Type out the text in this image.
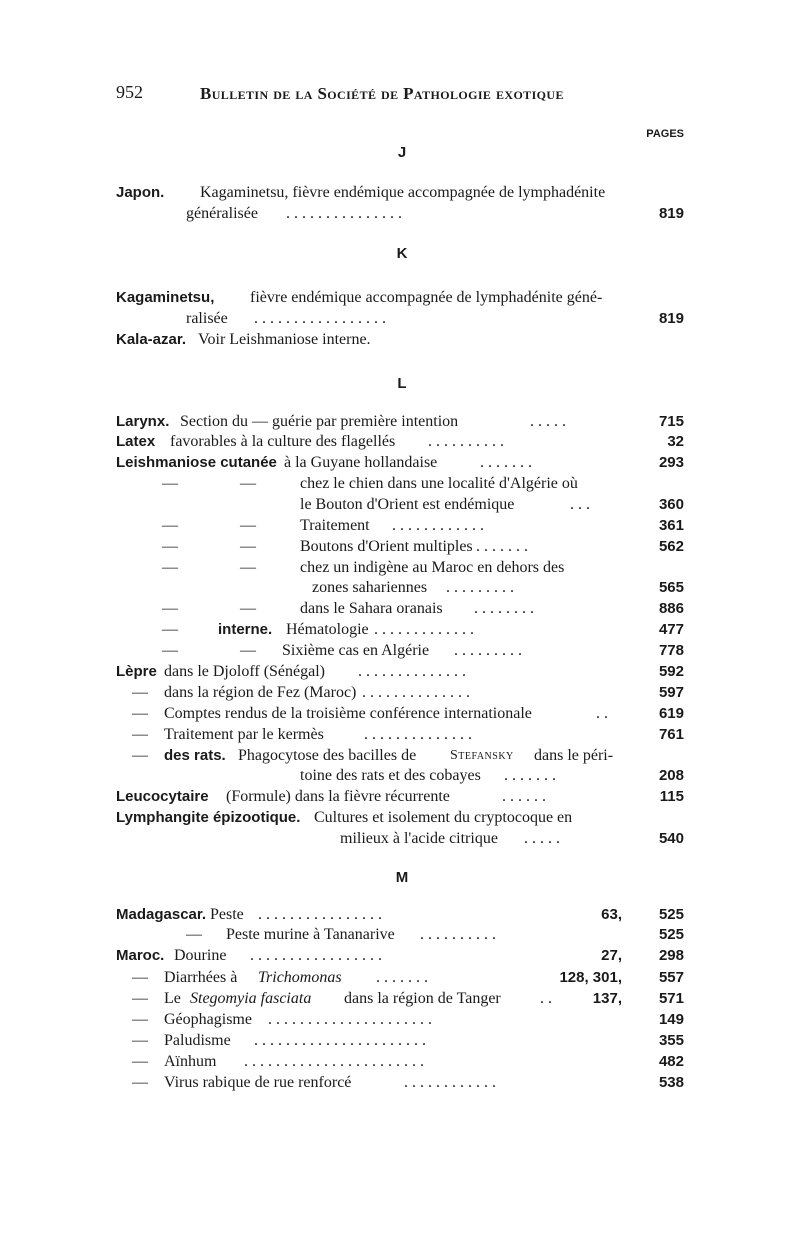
952	Bulletin de la Société de Pathologie exotique
PAGES
J
Japon. Kagaminetsu, fièvre endémique accompagnée de lymphadénite
généralisée . . . . . . . . . . . . . . .	819
K
Kagaminetsu, fièvre endémique accompagnée de lymphadénite géné-
ralisée . . . . . . . . . . . . . . . . .	819
Kala-azar. Voir Leishmaniose interne.
L
Larynx. Section du — guérie par première intention	. . . . .	715
Latex favorables à la culture des flagellés . . . . . . . . . .	32
Leishmaniose cutanée à la Guyane hollandaise	. . . . . . .	293
—	—	chez le chien dans une localité d'Algérie où
le Bouton d'Orient est endémique	. . .	360
—	—	Traitement . . . . . . . . . . . .	361
—	—	Boutons d'Orient multiples . . . . . . .	562
—	—	chez un indigène au Maroc en dehors des
zones sahariennes . . . . . . . . .	565
—	—	dans le Sahara oranais . . . . . . . .	886
—	interne. Hématologie . . . . . . . . . . . . .	477
—	— Sixième cas en Algérie . . . . . . . . .	778
Lèpre dans le Djoloff (Sénégal) . . . . . . . . . . . . . .	592
— dans la région de Fez (Maroc) . . . . . . . . . . . . . .	597
— Comptes rendus de la troisième conférence internationale	. .	619
— Traitement par le kermès	. . . . . . . . . . . . . .	761
— des rats. Phagocytose des bacilles de Stefansky dans le péri-
toine des rats et des cobayes . . . . . . .	208
Leucocytaire (Formule) dans la fièvre récurrente	. . . . . .	115
Lymphangite épizootique. Cultures et isolement du cryptocoque en
milieux à l'acide citrique . . . . .	540
M
Madagascar. Peste . . . . . . . . . . . . . . . .	63, 525
— Peste murine à Tananarive . . . . . . . . . .	525
Maroc. Dourine . . . . . . . . . . . . . . . . .	27, 298
— Diarrhées à Trichomonas . . . . . . .	128, 301, 557
— Le Stegomyia fasciata dans la région de Tanger . .	137, 571
— Géophagisme . . . . . . . . . . . . . . . . . . . . .	149
— Paludisme . . . . . . . . . . . . . . . . . . . . . .	355
— Aïnhum . . . . . . . . . . . . . . . . . . . . . . .	482
— Virus rabique de rue renforcé	. . . . . . . . . . . .	538
